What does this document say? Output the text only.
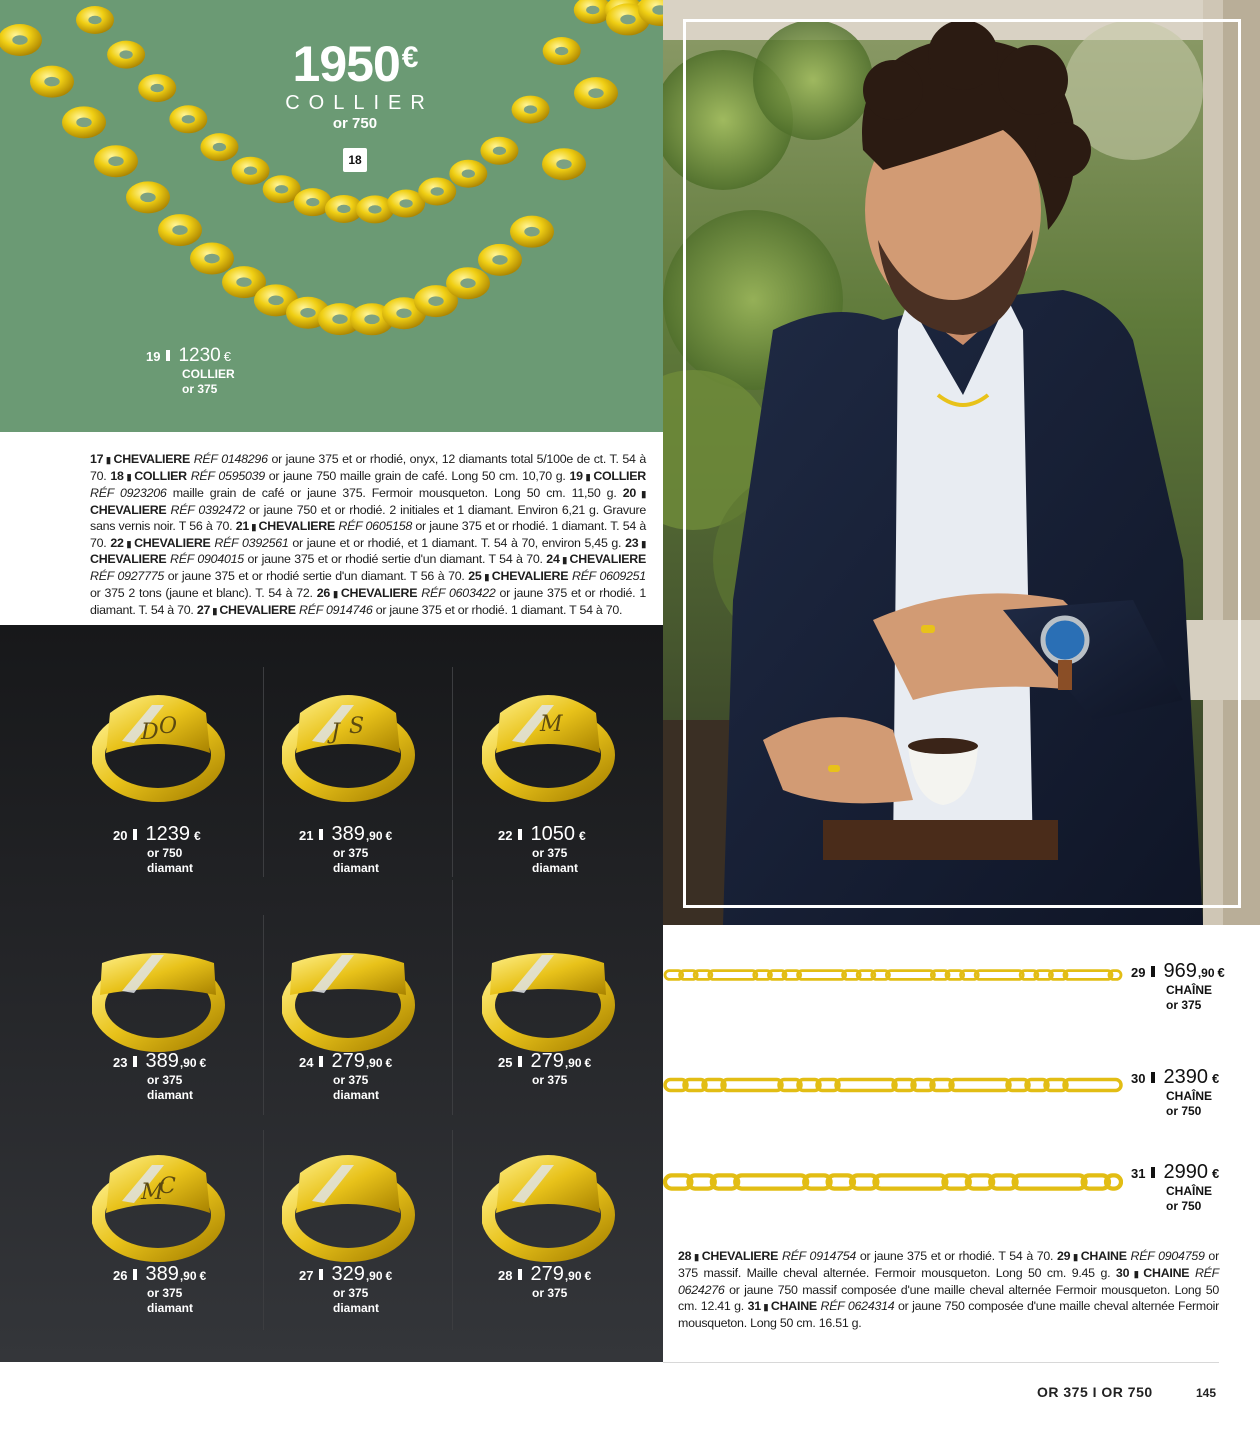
1950€
COLLIER
or 750
18
19 1230 €
COLLIER
or 375
17 ▮ CHEVALIERE RÉF 0148296 or jaune 375 et or rhodié, onyx, 12 diamants total 5/100e de ct. T. 54 à 70. 18 ▮ COLLIER RÉF 0595039 or jaune 750 maille grain de café. Long 50 cm. 10,70 g. 19 ▮ COLLIER RÉF 0923206 maille grain de café or jaune 375. Fermoir mousqueton. Long 50 cm. 11,50 g. 20 ▮ CHEVALIERE RÉF 0392472 or jaune 750 et or rhodié. 2 initiales et 1 diamant. Environ 6,21 g. Gravure sans vernis noir. T 56 à 70. 21 ▮ CHEVALIERE RÉF 0605158 or jaune 375 et or rhodié. 1 diamant. T. 54 à 70. 22 ▮ CHEVALIERE RÉF 0392561 or jaune et or rhodié, et 1 diamant. T. 54 à 70, environ 5,45 g. 23 ▮ CHEVALIERE RÉF 0904015 or jaune 375 et or rhodié sertie d'un diamant. T 54 à 70. 24 ▮ CHEVALIERE RÉF 0927775 or jaune 375 et or rhodié sertie d'un diamant. T 56 à 70. 25 ▮ CHEVALIERE RÉF 0609251 or 375 2 tons (jaune et blanc). T. 54 à 72. 26 ▮ CHEVALIERE RÉF 0603422 or jaune 375 et or rhodié. 1 diamant. T. 54 à 70. 27 ▮ CHEVALIERE RÉF 0914746 or jaune 375 et or rhodié. 1 diamant. T 54 à 70.
D O
20 1239 €
or 750
diamant
J S
21 389,90 €
or 375
diamant
M
22 1050 €
or 375
diamant
23 389,90 €
or 375
diamant
24 279,90 €
or 375
diamant
25 279,90 €
or 375
M
C
26 389,90 €
or 375
diamant
27 329,90 €
or 375
diamant
28 279,90 €
or 375
29 969,90 €
CHAÎNE
or 375
30 2390 €
CHAÎNE
or 750
31 2990 €
CHAÎNE
or 750
28 ▮ CHEVALIERE RÉF 0914754 or jaune 375 et or rhodié. T 54 à 70. 29 ▮ CHAINE RÉF 0904759 or 375 massif. Maille cheval alternée. Fermoir mousqueton. Long 50 cm. 9.45 g. 30 ▮ CHAINE RÉF 0624276 or jaune 750 massif composée d'une maille cheval alternée Fermoir mousqueton. Long 50 cm. 12.41 g. 31 ▮ CHAINE RÉF 0624314 or jaune 750 composée d'une maille cheval alternée Fermoir mousqueton. Long 50 cm. 16.51 g.
OR 375 I OR 750	145
